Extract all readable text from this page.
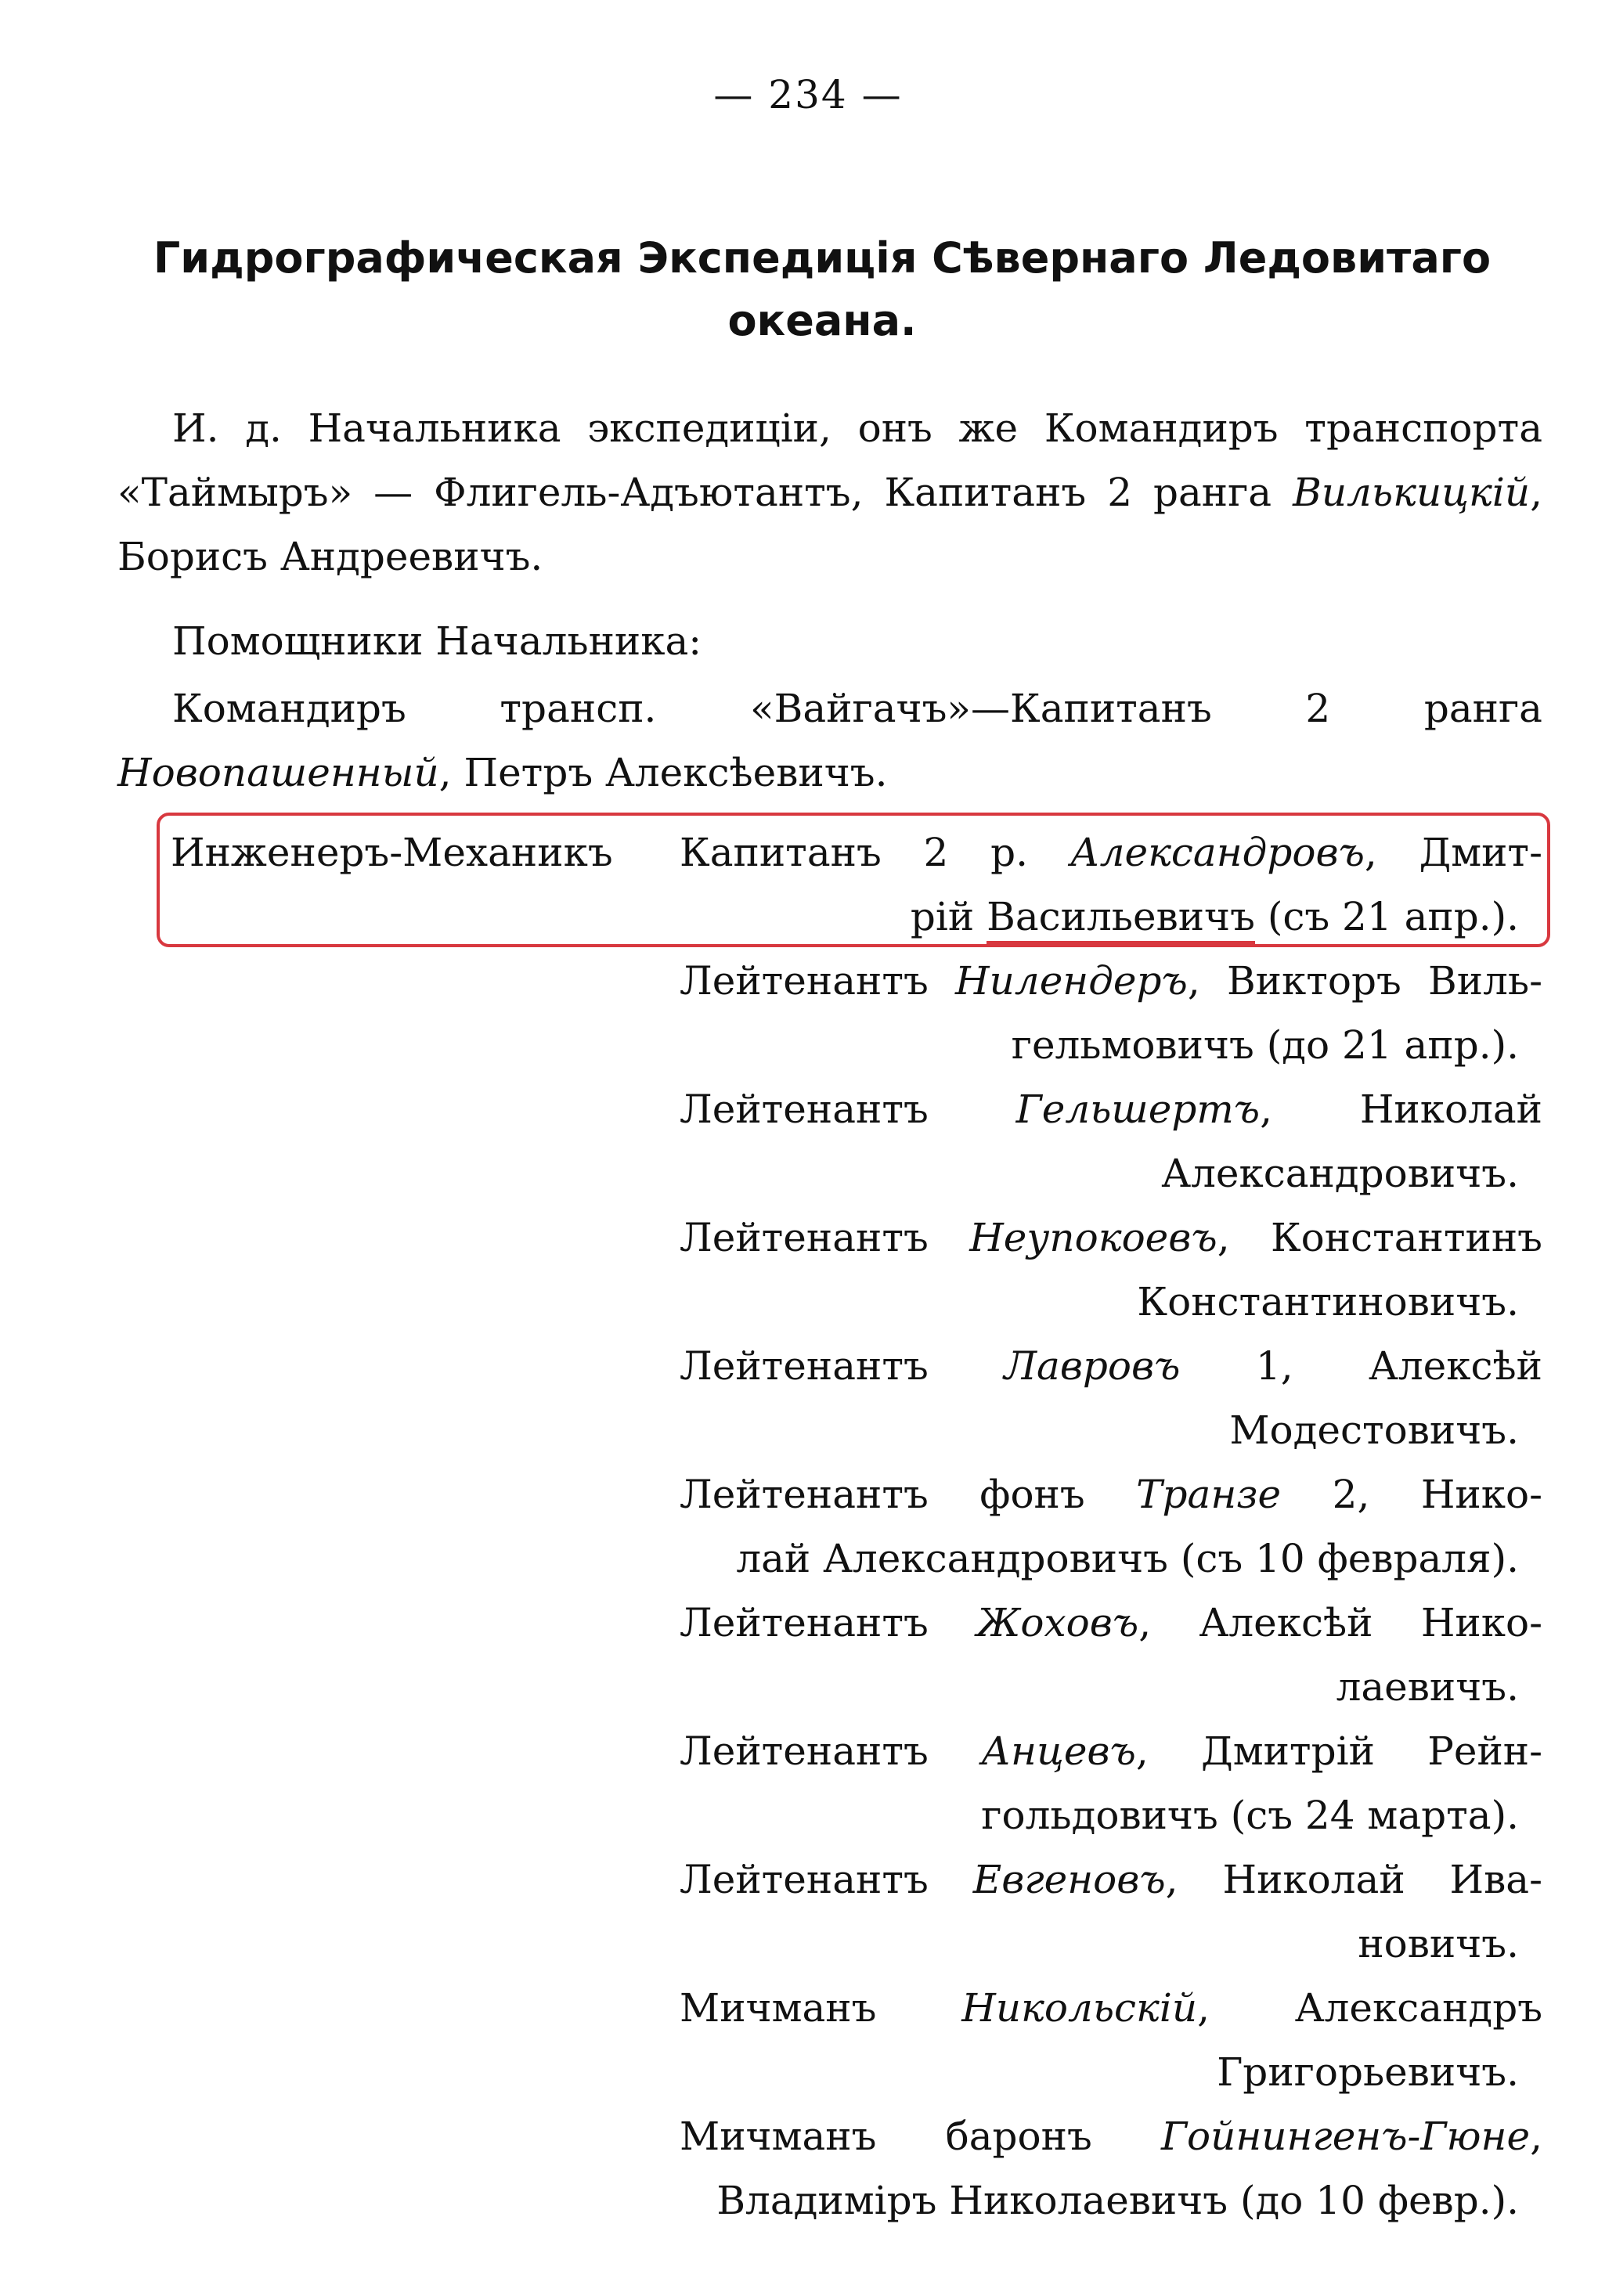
— 234 —
Гидрографическая Экспедиція Сѣвернаго Ледовитаго океана.
И. д. Начальника экспедиціи, онъ же Командиръ транспорта «Таймыръ» — Флигель-Адъютантъ, Капитанъ 2 ранга Вилькицкій, Борисъ Андреевичъ.
Помощники Начальника:
Командиръ трансп. «Вайгачъ»—Капитанъ 2 ранга Новопашенный, Петръ Алексѣевичъ.
Инженеръ-Механикъ Капитанъ 2 р. Александровъ, Дмит-
рій Васильевичъ (съ 21 апр.).
Лейтенантъ Нилендеръ, Викторъ Виль-
гельмовичъ (до 21 апр.).
Лейтенантъ Гельшертъ, Николай
Александровичъ.
Лейтенантъ Неупокоевъ, Константинъ
Константиновичъ.
Лейтенантъ Лавровъ 1, Алексѣй
Модестовичъ.
Лейтенантъ фонъ Транзе 2, Нико-
лай Александровичъ (съ 10 февраля).
Лейтенантъ Жоховъ, Алексѣй Нико-
лаевичъ.
Лейтенантъ Анцевъ, Дмитрій Рейн-
гольдовичъ (съ 24 марта).
Лейтенантъ Евгеновъ, Николай Ива-
новичъ.
Мичманъ Никольскій, Александръ
Григорьевичъ.
Мичманъ баронъ Гойнингенъ-Гюне,
Владиміръ Николаевичъ (до 10 февр.).
